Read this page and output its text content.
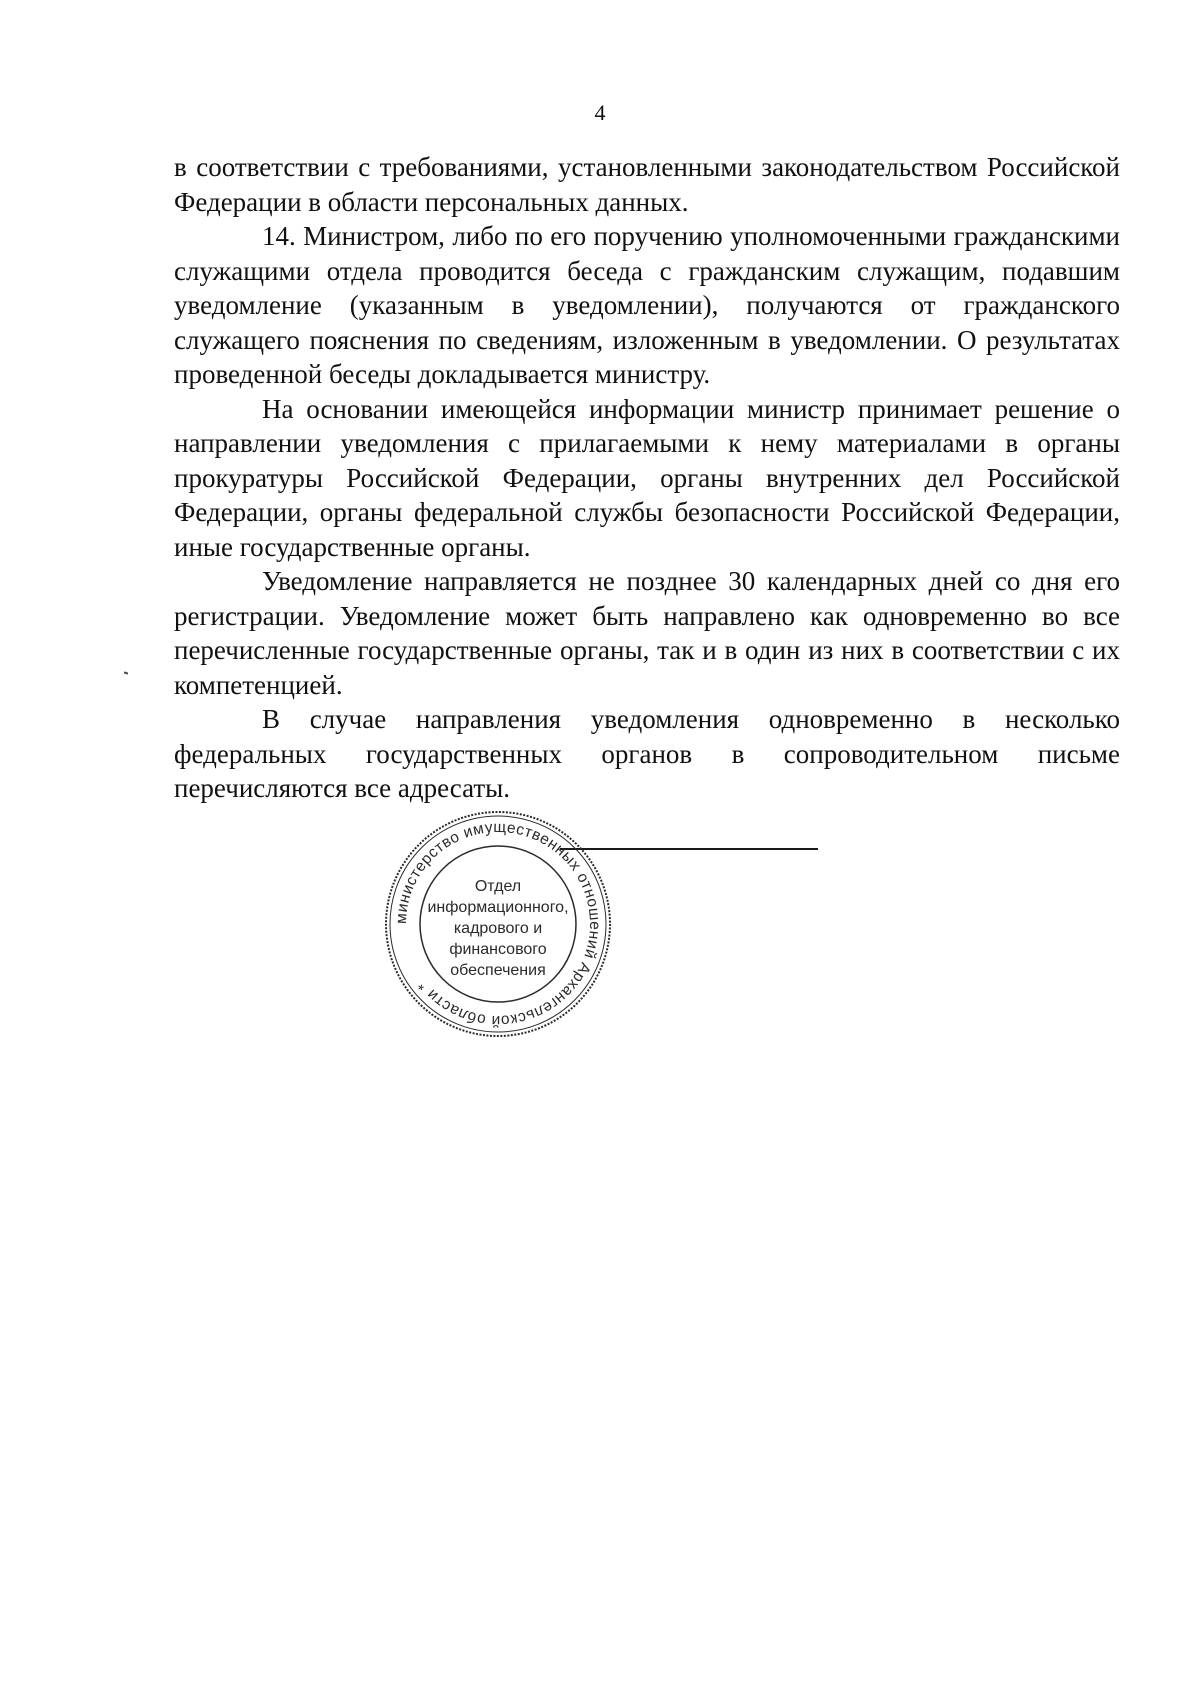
4

в соответствии с требованиями, установленными законодательством Российской Федерации в области персональных данных.

14. Министром, либо по его поручению уполномоченными гражданскими служащими отдела проводится беседа с гражданским служащим, подавшим уведомление (указанным в уведомлении), получаются от гражданского служащего пояснения по сведениям, изложенным в уведомлении. О результатах проведенной беседы докладывается министру.

На основании имеющейся информации министр принимает решение о направлении уведомления с прилагаемыми к нему материалами в органы прокуратуры Российской Федерации, органы внутренних дел Российской Федерации, органы федеральной службы безопасности Российской Федерации, иные государственные органы.

Уведомление направляется не позднее 30 календарных дней со дня его регистрации. Уведомление может быть направлено как одновременно во все перечисленные государственные органы, так и в один из них в соответствии с их компетенцией.

В случае направления уведомления одновременно в несколько федеральных государственных органов в сопроводительном письме перечисляются все адресаты.

министерство имущественных отношений Архангельской области *
Отдел
информационного,
кадрового и
финансового
обеспечения
